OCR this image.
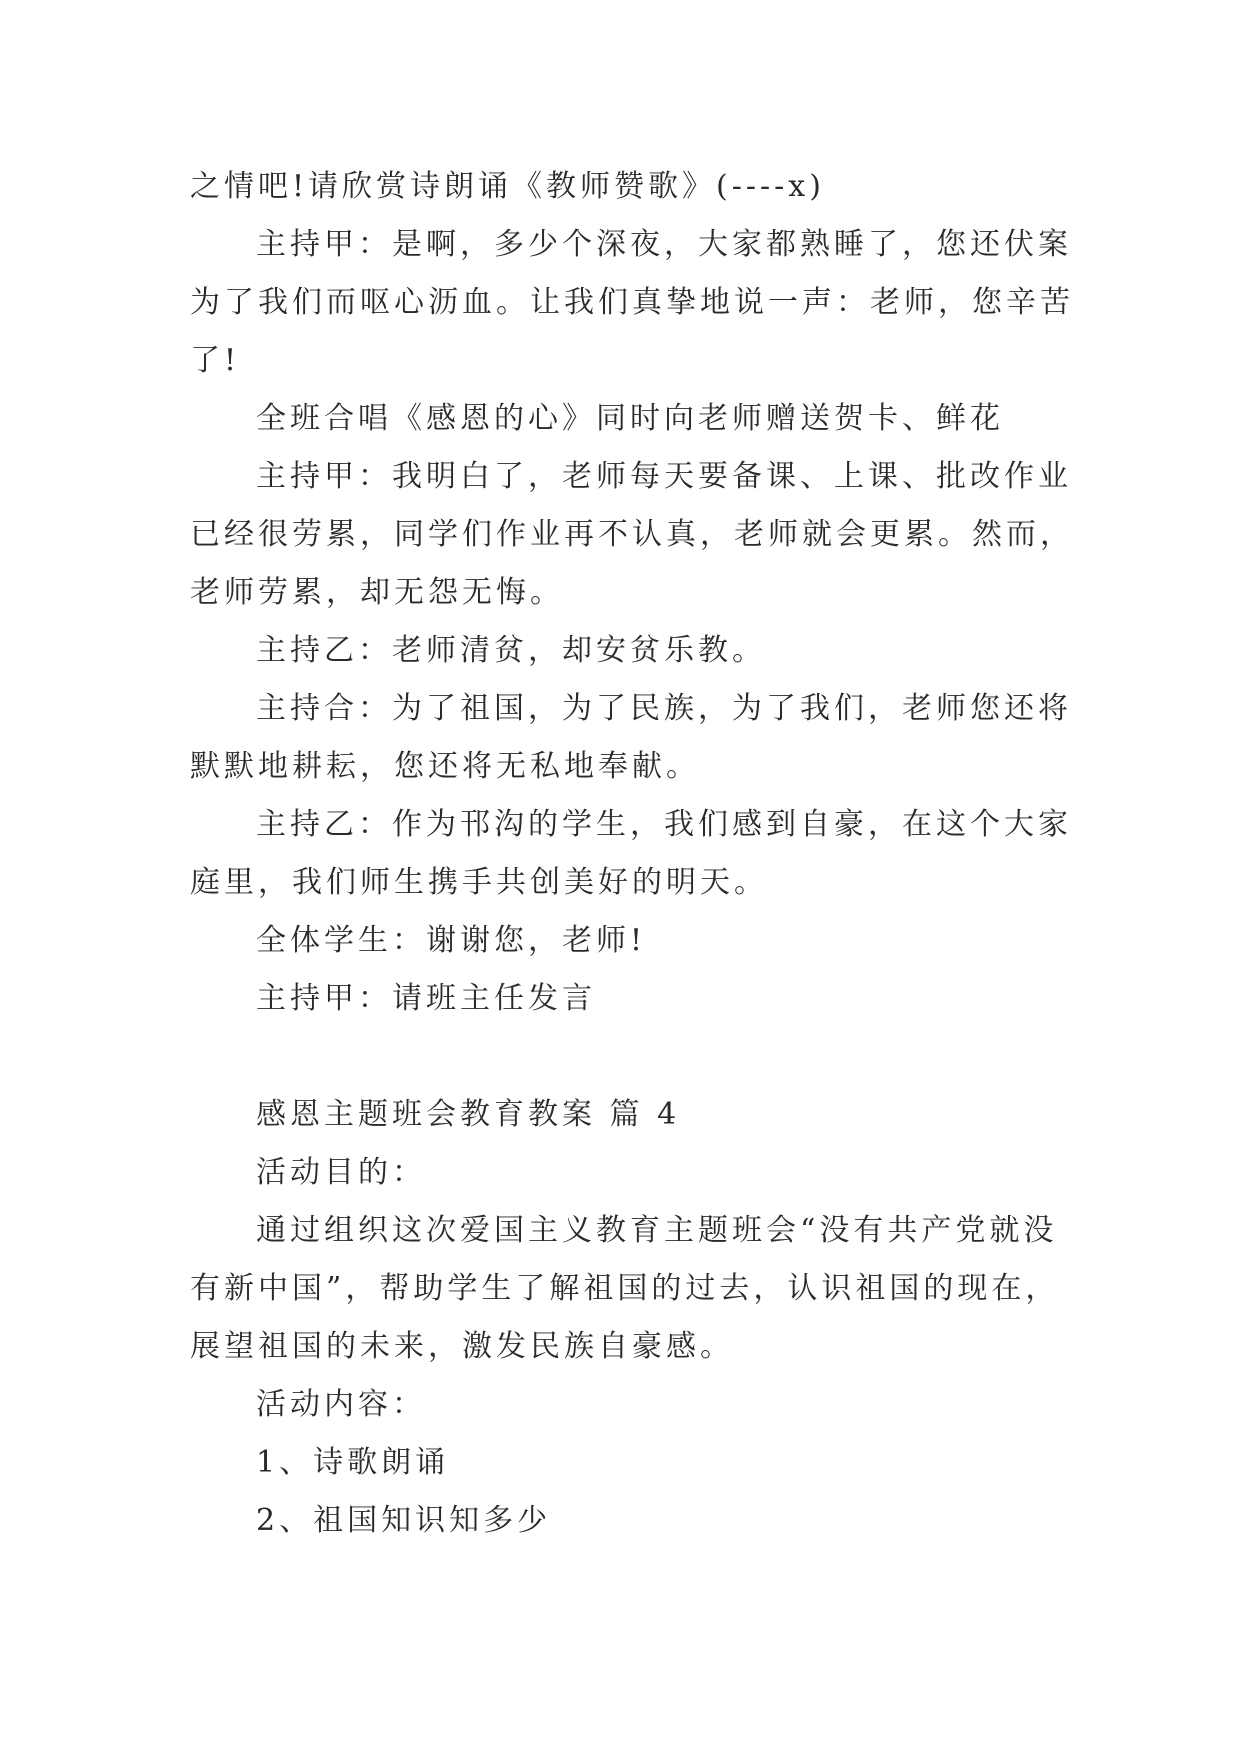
之情吧!请欣赏诗朗诵《教师赞歌》(----x)
主持甲：是啊，多少个深夜，大家都熟睡了，您还伏案
为了我们而呕心沥血。让我们真挚地说一声：老师，您辛苦
了!
全班合唱《感恩的心》同时向老师赠送贺卡、鲜花
主持甲：我明白了，老师每天要备课、上课、批改作业
已经很劳累，同学们作业再不认真，老师就会更累。然而，
老师劳累，却无怨无悔。
主持乙：老师清贫，却安贫乐教。
主持合：为了祖国，为了民族，为了我们，老师您还将
默默地耕耘，您还将无私地奉献。
主持乙：作为邗沟的学生，我们感到自豪，在这个大家
庭里，我们师生携手共创美好的明天。
全体学生：谢谢您，老师!
主持甲：请班主任发言
感恩主题班会教育教案 篇 4
活动目的：
通过组织这次爱国主义教育主题班会“没有共产党就没
有新中国”，帮助学生了解祖国的过去，认识祖国的现在，
展望祖国的未来，激发民族自豪感。
活动内容：
1、诗歌朗诵
2、祖国知识知多少
